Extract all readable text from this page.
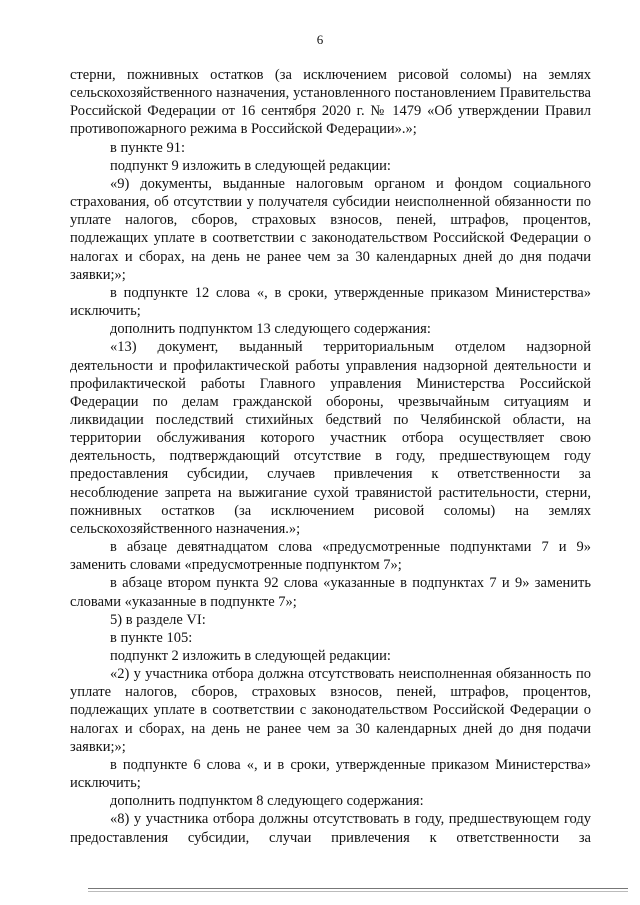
6

стерни, пожнивных остатков (за исключением рисовой соломы) на землях сельскохозяйственного назначения, установленного постановлением Правительства Российской Федерации от 16 сентября 2020 г. № 1479 «Об утверждении Правил противопожарного режима в Российской Федерации».»;

в пункте 91:

подпункт 9 изложить в следующей редакции:

«9) документы, выданные налоговым органом и фондом социального страхования, об отсутствии у получателя субсидии неисполненной обязанности по уплате налогов, сборов, страховых взносов, пеней, штрафов, процентов, подлежащих уплате в соответствии с законодательством Российской Федерации о налогах и сборах, на день не ранее чем за 30 календарных дней до дня подачи заявки;»;

в подпункте 12 слова «, в сроки, утвержденные приказом Министерства» исключить;

дополнить подпунктом 13 следующего содержания:

«13) документ, выданный территориальным отделом надзорной деятельности и профилактической работы управления надзорной деятельности и профилактической работы Главного управления Министерства Российской Федерации по делам гражданской обороны, чрезвычайным ситуациям и ликвидации последствий стихийных бедствий по Челябинской области, на территории обслуживания которого участник отбора осуществляет свою деятельность, подтверждающий отсутствие в году, предшествующем году предоставления субсидии, случаев привлечения к ответственности за несоблюдение запрета на выжигание сухой травянистой растительности, стерни, пожнивных остатков (за исключением рисовой соломы) на землях сельскохозяйственного назначения.»;

в абзаце девятнадцатом слова «предусмотренные подпунктами 7 и 9» заменить словами «предусмотренные подпунктом 7»;

в абзаце втором пункта 92 слова «указанные в подпунктах 7 и 9» заменить словами «указанные в подпункте 7»;

5) в разделе VI:

в пункте 105:

подпункт 2 изложить в следующей редакции:

«2) у участника отбора должна отсутствовать неисполненная обязанность по уплате налогов, сборов, страховых взносов, пеней, штрафов, процентов, подлежащих уплате в соответствии с законодательством Российской Федерации о налогах и сборах, на день не ранее чем за 30 календарных дней до дня подачи заявки;»;

в подпункте 6 слова «, и в сроки, утвержденные приказом Министерства» исключить;

дополнить подпунктом 8 следующего содержания:

«8) у участника отбора должны отсутствовать в году, предшествующем году предоставления субсидии, случаи привлечения к ответственности за
